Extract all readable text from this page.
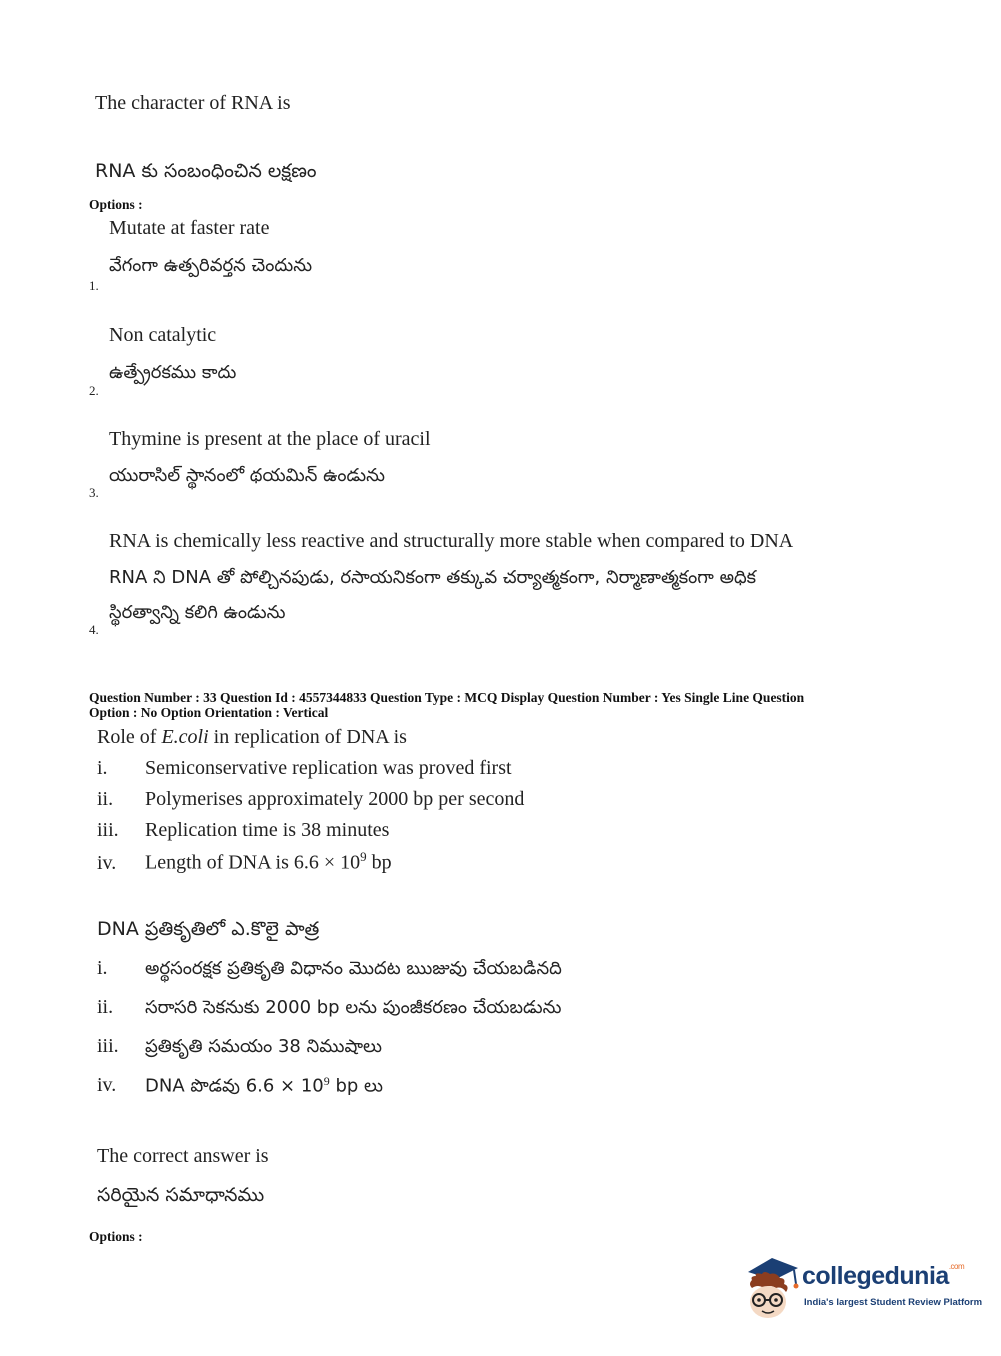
The character of RNA is
RNA కు సంబంధించిన లక్షణం
Options :
Mutate at faster rate
వేగంగా ఉత్పరివర్తన చెందును
1.
Non catalytic
ఉత్ప్రేరకము కాదు
2.
Thymine is present at the place of uracil
యురాసిల్ స్థానంలో థయమిన్ ఉండును
3.
RNA is chemically less reactive and structurally more stable when compared to DNA
RNA ని DNA తో పోల్చినపుడు, రసాయనికంగా తక్కువ చర్యాత్మకంగా, నిర్మాణాత్మకంగా అధిక
స్థిరత్వాన్ని కలిగి ఉండును
4.
Question Number : 33 Question Id : 4557344833 Question Type : MCQ Display Question Number : Yes Single Line Question
Option : No Option Orientation : Vertical
Role of E.coli in replication of DNA is
i. Semiconservative replication was proved first
ii. Polymerises approximately 2000 bp per second
iii. Replication time is 38 minutes
iv. Length of DNA is $6.6 \times 10^9$ bp
DNA ప్రతికృతిలో ఎ.కొలై పాత్ర
i. అర్థసంరక్షక ప్రతికృతి విధానం మొదట ఋజువు చేయబడినది
ii. సరాసరి సెకనుకు 2000 bp లను పుంజీకరణం చేయబడును
iii. ప్రతికృతి సమయం 38 నిముషాలు
iv. DNA పొడవు $6.6 \times 10^9$ bp లు
The correct answer is
సరియైన సమాధానము
Options :
collegedunia$^{.com}$
India's largest Student Review Platform
